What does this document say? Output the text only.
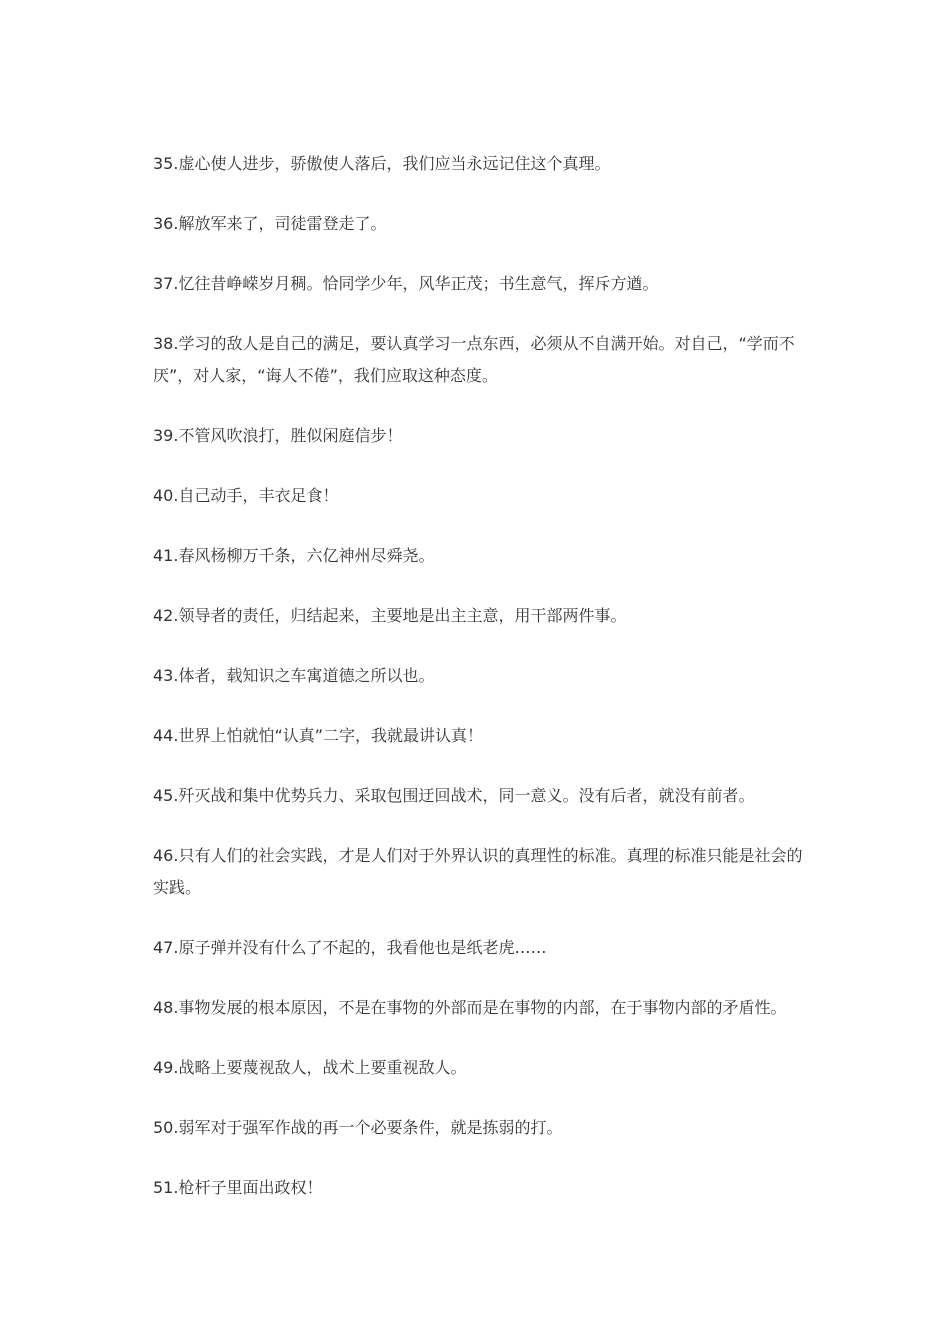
35.虚心使人进步，骄傲使人落后，我们应当永远记住这个真理。

36.解放军来了，司徒雷登走了。

37.忆往昔峥嵘岁月稠。恰同学少年，风华正茂；书生意气，挥斥方遒。

38.学习的敌人是自己的满足，要认真学习一点东西，必须从不自满开始。对自己，“学而不厌”，对人家，“诲人不倦”，我们应取这种态度。

39.不管风吹浪打，胜似闲庭信步！

40.自己动手，丰衣足食！

41.春风杨柳万千条，六亿神州尽舜尧。

42.领导者的责任，归结起来，主要地是出主主意，用干部两件事。

43.体者，载知识之车寓道德之所以也。

44.世界上怕就怕“认真”二字，我就最讲认真！

45.歼灭战和集中优势兵力、采取包围迂回战术，同一意义。没有后者，就没有前者。

46.只有人们的社会实践，才是人们对于外界认识的真理性的标准。真理的标准只能是社会的实践。

47.原子弹并没有什么了不起的，我看他也是纸老虎……

48.事物发展的根本原因，不是在事物的外部而是在事物的内部，在于事物内部的矛盾性。

49.战略上要蔑视敌人，战术上要重视敌人。

50.弱军对于强军作战的再一个必要条件，就是拣弱的打。

51.枪杆子里面出政权！
